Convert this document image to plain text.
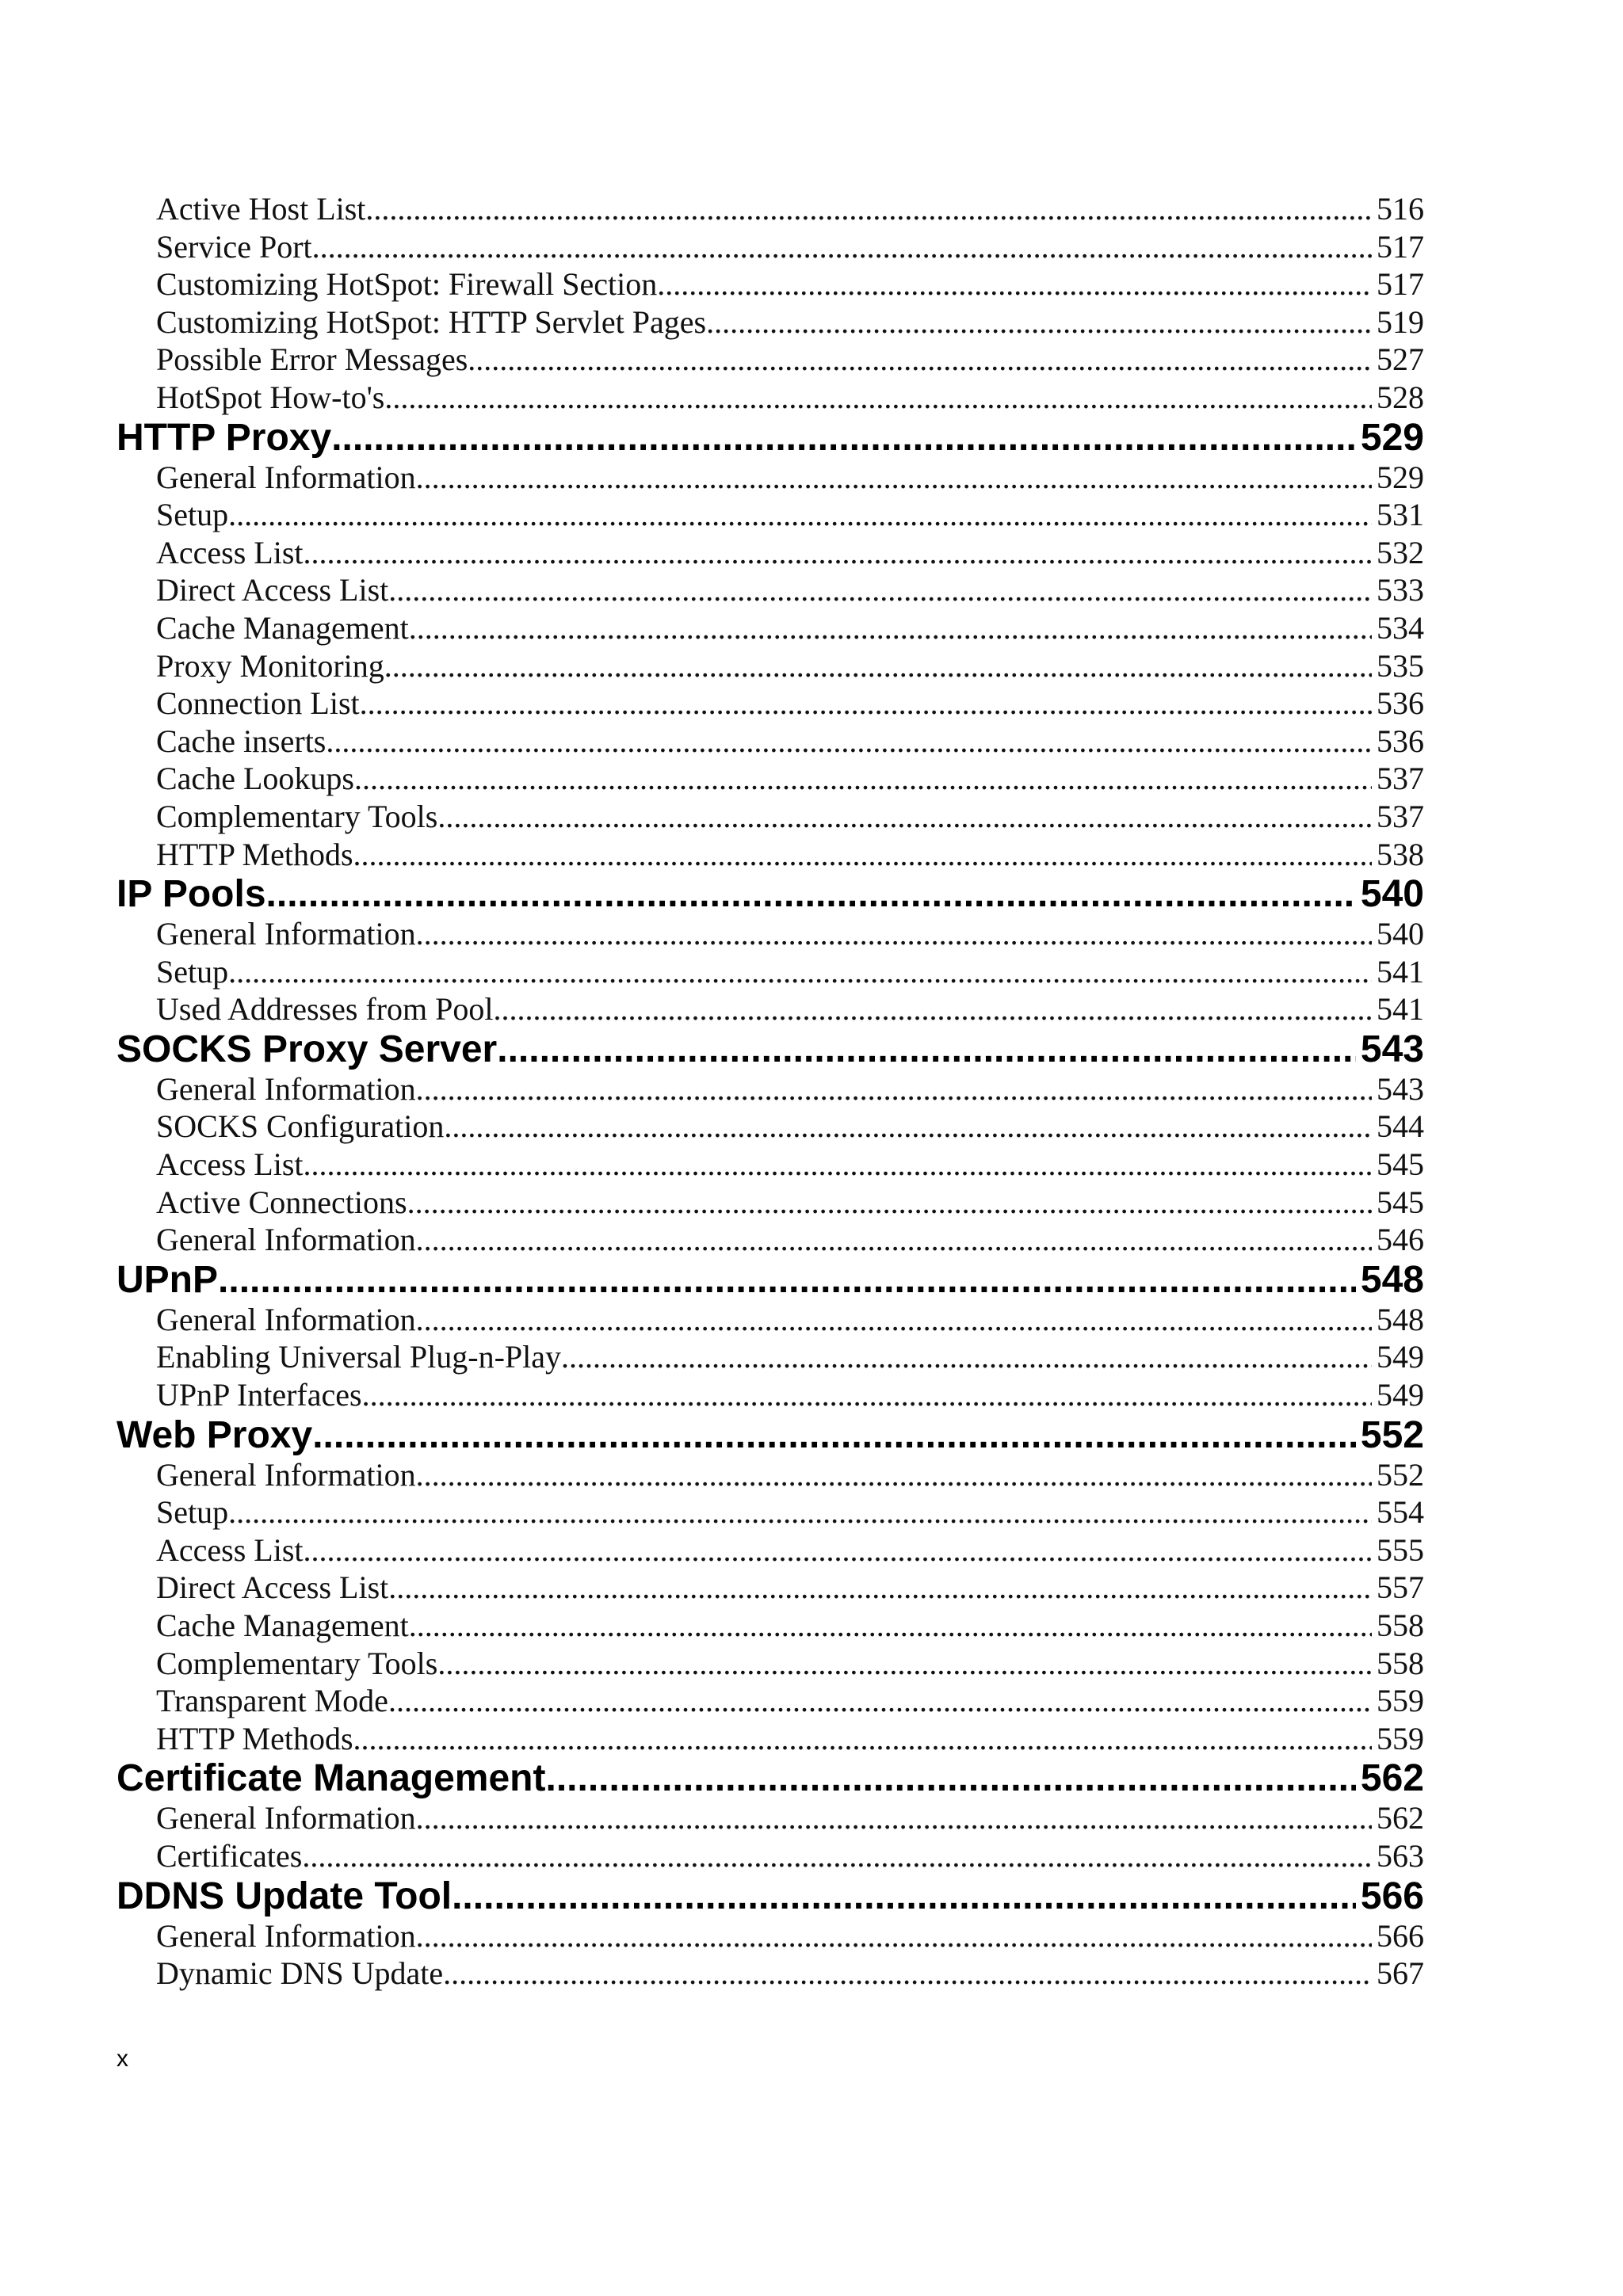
Active Host List .....	516
Service Port .....	517
Customizing HotSpot: Firewall Section .....	517
Customizing HotSpot: HTTP Servlet Pages .....	519
Possible Error Messages .....	527
HotSpot How-to's .....	528
HTTP Proxy .....	529
General Information .....	529
Setup .....	531
Access List .....	532
Direct Access List .....	533
Cache Management .....	534
Proxy Monitoring .....	535
Connection List .....	536
Cache inserts .....	536
Cache Lookups .....	537
Complementary Tools .....	537
HTTP Methods .....	538
IP Pools .....	540
General Information .....	540
Setup .....	541
Used Addresses from Pool .....	541
SOCKS Proxy Server .....	543
General Information .....	543
SOCKS Configuration .....	544
Access List .....	545
Active Connections .....	545
General Information .....	546
UPnP .....	548
General Information .....	548
Enabling Universal Plug-n-Play .....	549
UPnP Interfaces .....	549
Web Proxy .....	552
General Information .....	552
Setup .....	554
Access List .....	555
Direct Access List .....	557
Cache Management .....	558
Complementary Tools .....	558
Transparent Mode .....	559
HTTP Methods .....	559
Certificate Management .....	562
General Information .....	562
Certificates .....	563
DDNS Update Tool .....	566
General Information .....	566
Dynamic DNS Update .....	567
x
